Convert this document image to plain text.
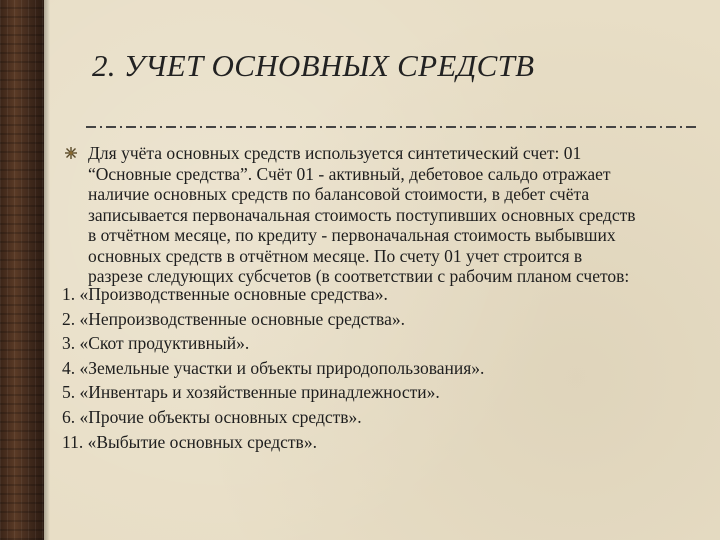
2. УЧЕТ ОСНОВНЫХ СРЕДСТВ
Для учёта основных средств используется синтетический счет: 01
“Основные средства”. Счёт 01 - активный, дебетовое сальдо отражает
наличие основных средств по балансовой стоимости, в дебет счёта
записывается первоначальная стоимость поступивших основных средств
в отчётном месяце, по кредиту - первоначальная стоимость выбывших
основных средств в отчётном месяце. По счету 01 учет строится в
разрезе следующих субсчетов (в соответствии с рабочим планом счетов:
1. «Производственные основные средства».
2. «Непроизводственные основные средства».
3. «Скот продуктивный».
4. «Земельные участки и объекты природопользования».
5. «Инвентарь и хозяйственные принадлежности».
6. «Прочие объекты основных средств».
11. «Выбытие основных средств».
